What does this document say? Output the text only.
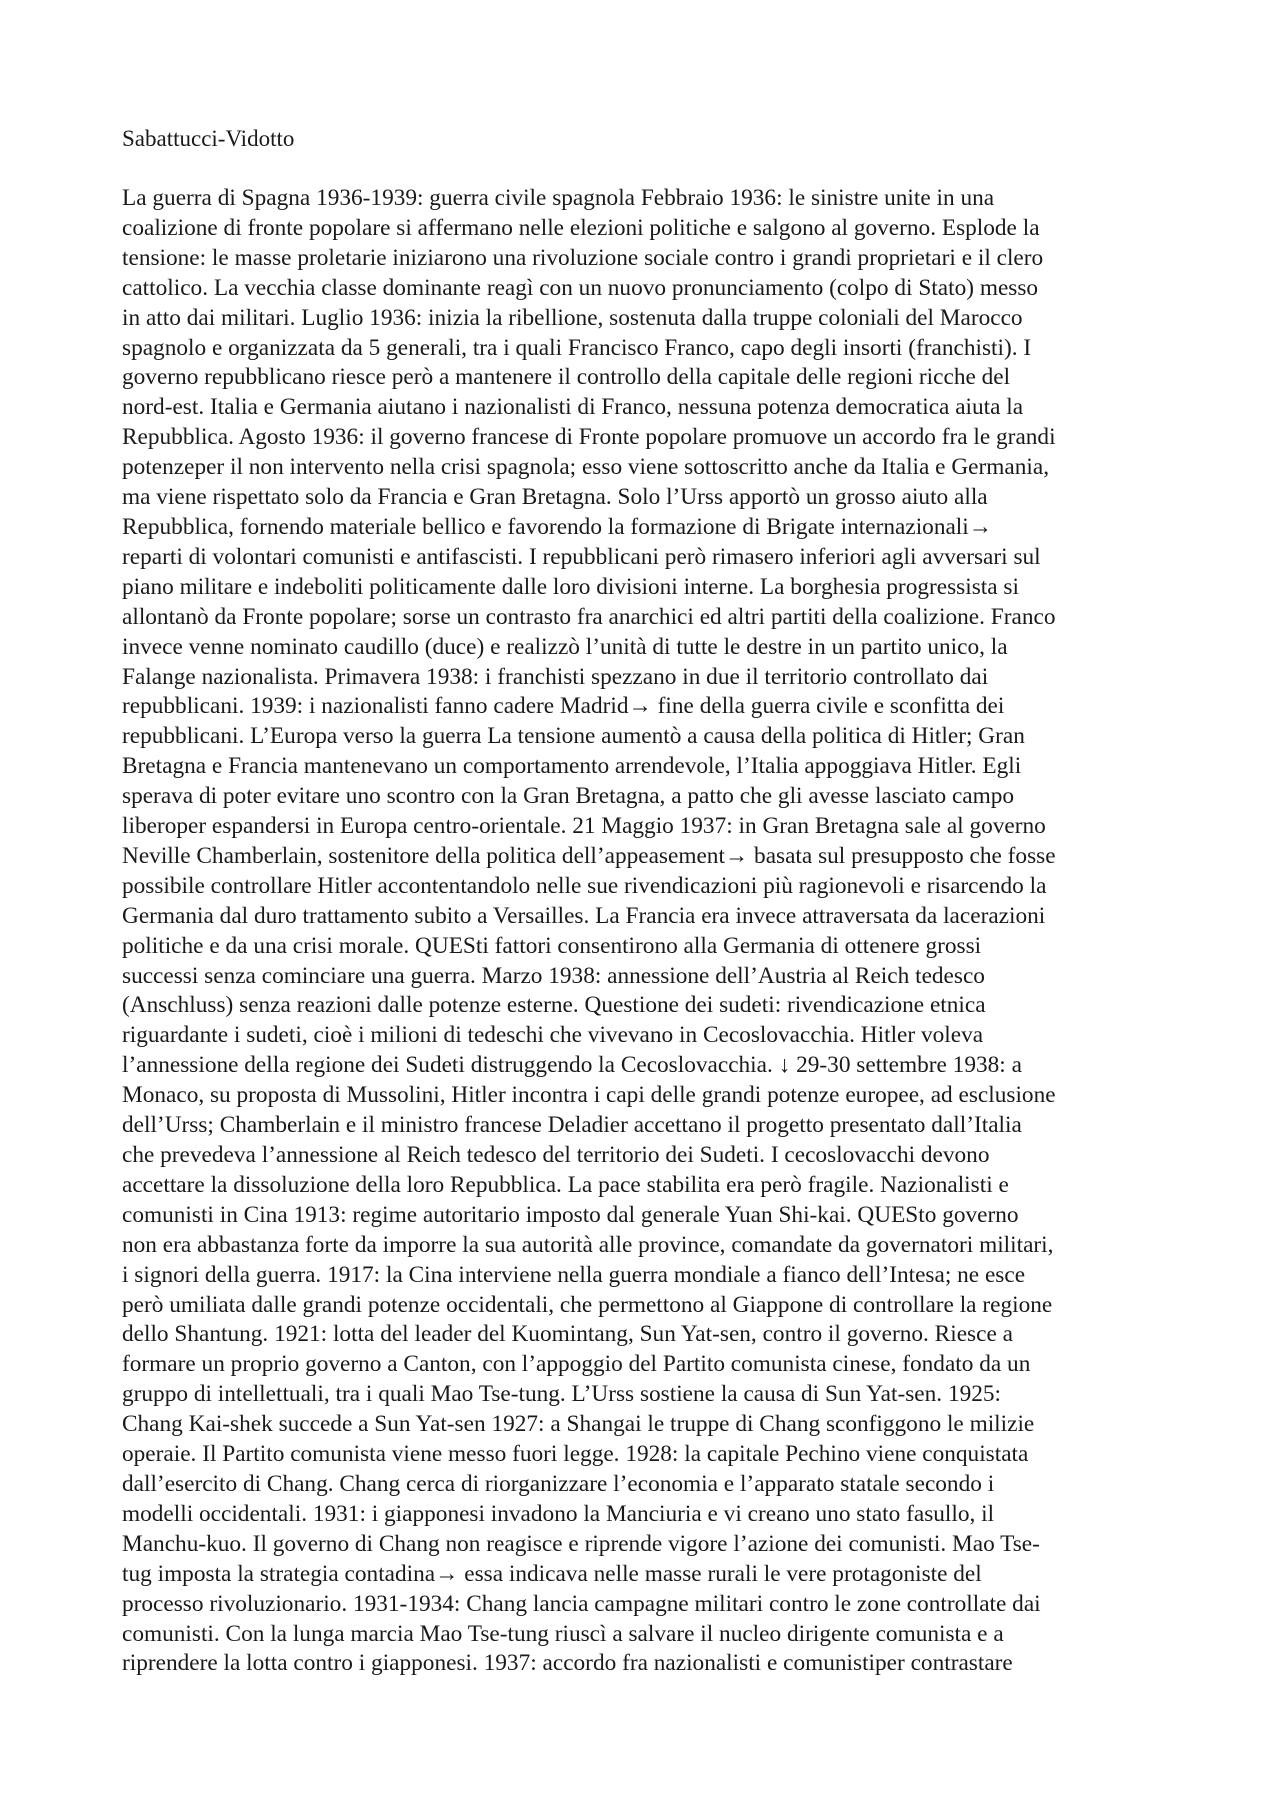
Sabattucci-Vidotto
La guerra di Spagna 1936-1939: guerra civile spagnola Febbraio 1936: le sinistre unite in una
coalizione di fronte popolare si affermano nelle elezioni politiche e salgono al governo. Esplode la
tensione: le masse proletarie iniziarono una rivoluzione sociale contro i grandi proprietari e il clero
cattolico. La vecchia classe dominante reagì con un nuovo pronunciamento (colpo di Stato) messo
in atto dai militari. Luglio 1936: inizia la ribellione, sostenuta dalla truppe coloniali del Marocco
spagnolo e organizzata da 5 generali, tra i quali Francisco Franco, capo degli insorti (franchisti). I
governo repubblicano riesce però a mantenere il controllo della capitale delle regioni ricche del
nord-est. Italia e Germania aiutano i nazionalisti di Franco, nessuna potenza democratica aiuta la
Repubblica. Agosto 1936: il governo francese di Fronte popolare promuove un accordo fra le grandi
potenzeper il non intervento nella crisi spagnola; esso viene sottoscritto anche da Italia e Germania,
ma viene rispettato solo da Francia e Gran Bretagna. Solo l’Urss apportò un grosso aiuto alla
Repubblica, fornendo materiale bellico e favorendo la formazione di Brigate internazionali→
reparti di volontari comunisti e antifascisti. I repubblicani però rimasero inferiori agli avversari sul
piano militare e indeboliti politicamente dalle loro divisioni interne. La borghesia progressista si
allontanò da Fronte popolare; sorse un contrasto fra anarchici ed altri partiti della coalizione. Franco
invece venne nominato caudillo (duce) e realizzò l’unità di tutte le destre in un partito unico, la
Falange nazionalista. Primavera 1938: i franchisti spezzano in due il territorio controllato dai
repubblicani. 1939: i nazionalisti fanno cadere Madrid→ fine della guerra civile e sconfitta dei
repubblicani. L’Europa verso la guerra La tensione aumentò a causa della politica di Hitler; Gran
Bretagna e Francia mantenevano un comportamento arrendevole, l’Italia appoggiava Hitler. Egli
sperava di poter evitare uno scontro con la Gran Bretagna, a patto che gli avesse lasciato campo
liberoper espandersi in Europa centro-orientale. 21 Maggio 1937: in Gran Bretagna sale al governo
Neville Chamberlain, sostenitore della politica dell’appeasement→ basata sul presupposto che fosse
possibile controllare Hitler accontentandolo nelle sue rivendicazioni più ragionevoli e risarcendo la
Germania dal duro trattamento subito a Versailles. La Francia era invece attraversata da lacerazioni
politiche e da una crisi morale. QUESti fattori consentirono alla Germania di ottenere grossi
successi senza cominciare una guerra. Marzo 1938: annessione dell’Austria al Reich tedesco
(Anschluss) senza reazioni dalle potenze esterne. Questione dei sudeti: rivendicazione etnica
riguardante i sudeti, cioè i milioni di tedeschi che vivevano in Cecoslovacchia. Hitler voleva
l’annessione della regione dei Sudeti distruggendo la Cecoslovacchia. ↓ 29-30 settembre 1938: a
Monaco, su proposta di Mussolini, Hitler incontra i capi delle grandi potenze europee, ad esclusione
dell’Urss; Chamberlain e il ministro francese Deladier accettano il progetto presentato dall’Italia
che prevedeva l’annessione al Reich tedesco del territorio dei Sudeti. I cecoslovacchi devono
accettare la dissoluzione della loro Repubblica. La pace stabilita era però fragile. Nazionalisti e
comunisti in Cina 1913: regime autoritario imposto dal generale Yuan Shi-kai. QUESto governo
non era abbastanza forte da imporre la sua autorità alle province, comandate da governatori militari,
i signori della guerra. 1917: la Cina interviene nella guerra mondiale a fianco dell’Intesa; ne esce
però umiliata dalle grandi potenze occidentali, che permettono al Giappone di controllare la regione
dello Shantung. 1921: lotta del leader del Kuomintang, Sun Yat-sen, contro il governo. Riesce a
formare un proprio governo a Canton, con l’appoggio del Partito comunista cinese, fondato da un
gruppo di intellettuali, tra i quali Mao Tse-tung. L’Urss sostiene la causa di Sun Yat-sen. 1925:
Chang Kai-shek succede a Sun Yat-sen 1927: a Shangai le truppe di Chang sconfiggono le milizie
operaie. Il Partito comunista viene messo fuori legge. 1928: la capitale Pechino viene conquistata
dall’esercito di Chang. Chang cerca di riorganizzare l’economia e l’apparato statale secondo i
modelli occidentali. 1931: i giapponesi invadono la Manciuria e vi creano uno stato fasullo, il
Manchu-kuo. Il governo di Chang non reagisce e riprende vigore l’azione dei comunisti. Mao Tse-
tug imposta la strategia contadina→ essa indicava nelle masse rurali le vere protagoniste del
processo rivoluzionario. 1931-1934: Chang lancia campagne militari contro le zone controllate dai
comunisti. Con la lunga marcia Mao Tse-tung riuscì a salvare il nucleo dirigente comunista e a
riprendere la lotta contro i giapponesi. 1937: accordo fra nazionalisti e comunistiper contrastare
